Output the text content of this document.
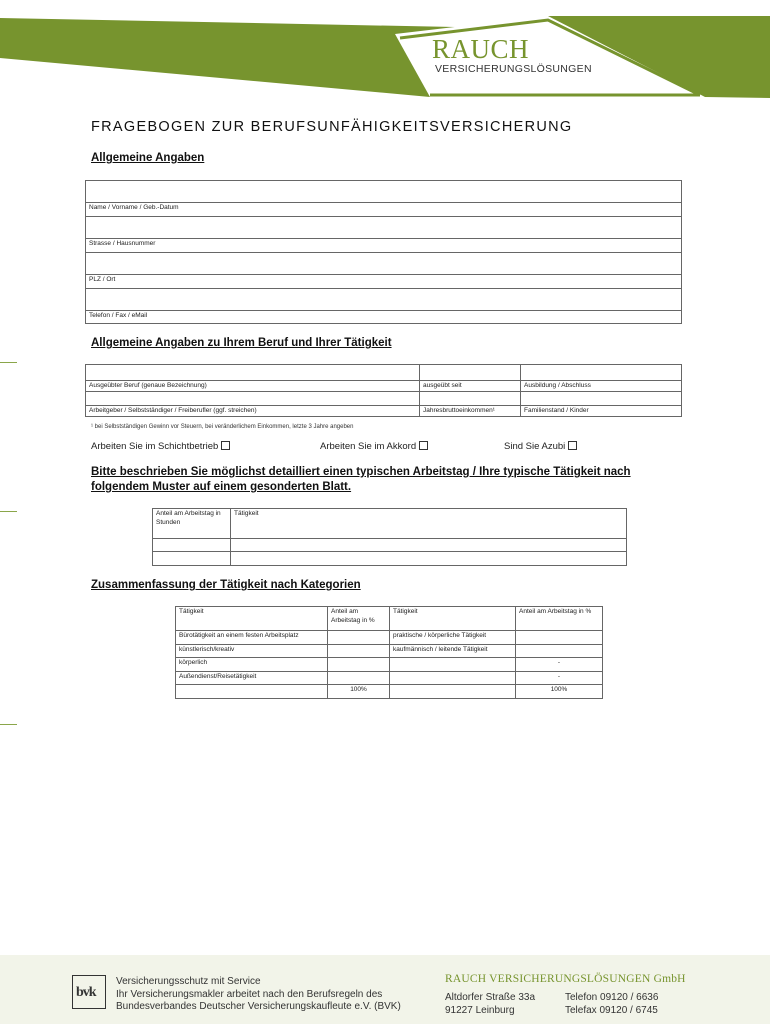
RAUCH
VERSICHERUNGSLÖSUNGEN
FRAGEBOGEN ZUR BERUFSUNFÄHIGKEITSVERSICHERUNG
Allgemeine Angaben

Name / Vorname / Geb.-Datum

Strasse / Hausnummer

PLZ / Ort

Telefon / Fax / eMail
Allgemeine Angaben zu Ihrem Beruf und Ihrer Tätigkeit

Ausgeübter Beruf (genaue Bezeichnung)	ausgeübt seit	Ausbildung / Abschluss

Arbeitgeber / Selbstständiger / Freiberufler (ggf. streichen)	Jahresbruttoeinkommen¹	Familienstand / Kinder
¹ bei Selbstständigen Gewinn vor Steuern, bei veränderlichem Einkommen, letzte 3 Jahre angeben
Arbeiten Sie im Schichtbetrieb	Arbeiten Sie im Akkord	Sind Sie Azubi
Bitte beschrieben Sie möglichst detailliert einen typischen Arbeitstag / Ihre typische Tätigkeit nach
folgendem Muster auf einem gesonderten Blatt.
Anteil am Arbeitstag in Stunden	Tätigkeit

Zusammenfassung der Tätigkeit nach Kategorien
Tätigkeit	Anteil am Arbeitstag in %	Tätigkeit	Anteil am Arbeitstag in %
Bürotätigkeit an einem festen Arbeitsplatz		praktische / körperliche Tätigkeit	
künstlerisch/kreativ		kaufmännisch / leitende Tätigkeit	
körperlich			-
Außendienst/Reisetätigkeit			-
	100%		100%
bvk
Versicherungsschutz mit Service
Ihr Versicherungsmakler arbeitet nach den Berufsregeln des
Bundesverbandes Deutscher Versicherungskaufleute e.V. (BVK)
RAUCH VERSICHERUNGSLÖSUNGEN GmbH
Altdorfer Straße 33a
91227 Leinburg
Telefon 09120 / 6636
Telefax 09120 / 6745
